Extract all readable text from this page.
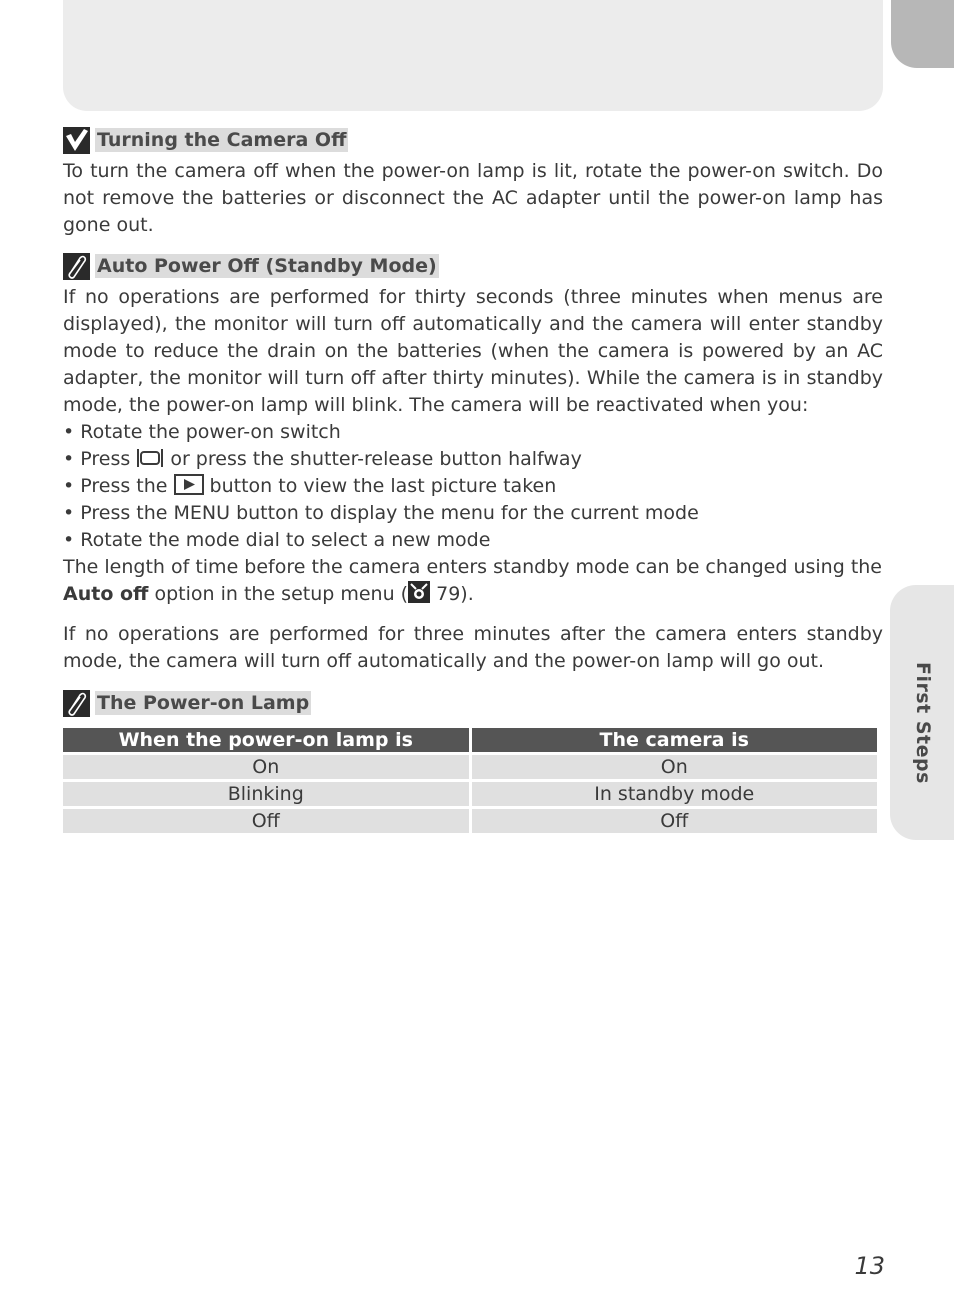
First Steps
Turning the Camera Off

To turn the camera off when the power-on lamp is lit, rotate the power-on switch. Do not remove the batteries or disconnect the AC adapter until the power-on lamp has gone out.

Auto Power Off (Standby Mode)

If no operations are performed for thirty seconds (three minutes when menus are displayed), the monitor will turn off automatically and the camera will enter standby mode to reduce the drain on the batteries (when the camera is powered by an AC adapter, the monitor will turn off after thirty minutes). While the camera is in standby mode, the power-on lamp will blink. The camera will be reactivated when you:

• Rotate the power-on switch
• Press  or press the shutter-release button halfway
• Press the  button to view the last picture taken
• Press the MENU button to display the menu for the current mode
• Rotate the mode dial to select a new mode

The length of time before the camera enters standby mode can be changed using the Auto off option in the setup menu ( 79).

If no operations are performed for three minutes after the camera enters standby mode, the camera will turn off automatically and the power-on lamp will go out.

The Power-on Lamp
When the power-on lamp is	The camera is
On	On
Blinking	In standby mode
Off	Off
13
